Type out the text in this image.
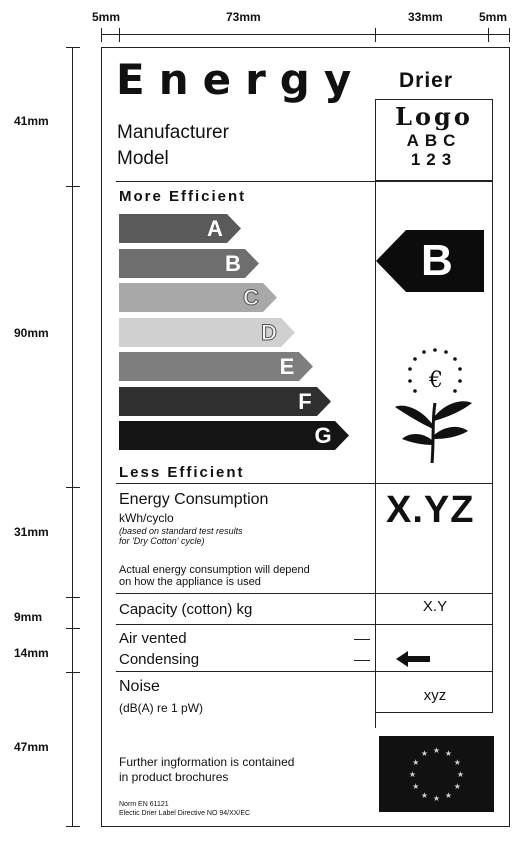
5mm	73mm	33mm	5mm
41mm
90mm
31mm
9mm
14mm
47mm
Energy Drier
Manufacturer
Model
Logo
ABC
123
More Efficient
A
B
C
D
E
F
G
Less Efficient
B
€
Energy Consumption
kWh/cyclo
(based on standard test results
for 'Dry Cotton' cycle)
Actual energy consumption will depend
on how the appliance is used
X.YZ
Capacity (cotton) kg	X.Y
Air vented
Condensing
Noise
(dB(A) re 1 pW)
xyz
Further ingformation is contained
in product brochures
Norm EN 61121
Electic Drier Label Directive NO 94/XX/EC
★ ★
★
★
★
★
★
★
★
★
★
★
